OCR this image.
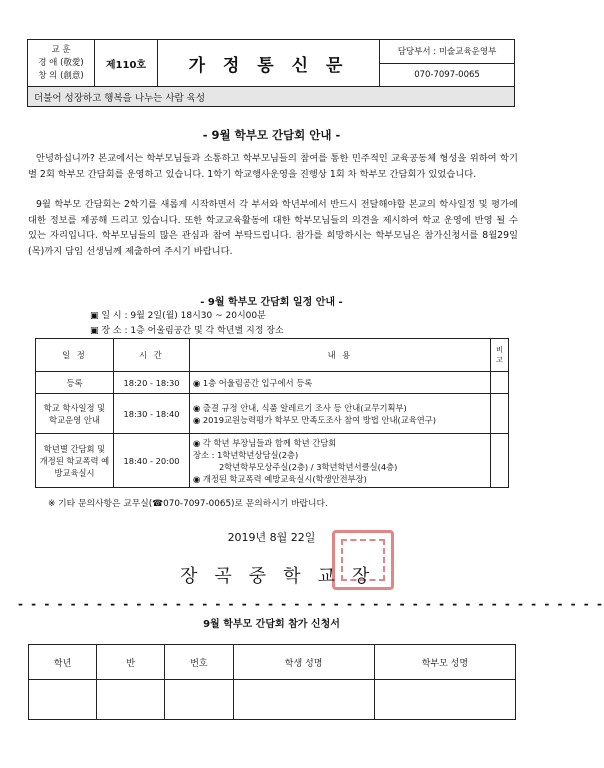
교 훈
경 애 (敬愛)
창 의 (創意)
제110호	가 정 통 신 문
담당부서 : 미술교육운영부
070-7097-0065
더불어 성장하고 행복을 나누는 사람 육성
- 9월 학부모 간담회 안내 -
안녕하십니까? 본교에서는 학부모님들과 소통하고 학부모님들의 참여를 통한 민주적인 교육공동체 형성을 위하여 학기별 2회 학부모 간담회를 운영하고 있습니다. 1학기 학교행사운영을 진행상 1회 차 학부모 간담회가 있었습니다.
9월 학부모 간담회는 2학기를 새롭게 시작하면서 각 부서와 학년부에서 반드시 전달해야할 본교의 학사일정 및 평가에 대한 정보를 제공해 드리고 있습니다. 또한 학교교육활동에 대한 학부모님들의 의견을 제시하여 학교 운영에 반영 될 수 있는 자리입니다. 학부모님들의 많은 관심과 참여 부탁드립니다. 참가를 희망하시는 학부모님은 참가신청서를 8월29일(목)까지 담임 선생님께 제출하여 주시기 바랍니다.
- 9월 학부모 간담회 일정 안내 -
▣ 일 시 : 9월 2일(월) 18시30 ~ 20시00분
▣ 장 소 : 1층 어울림공간 및 각 학년별 지정 장소
일 정	시 간	내 용	비고
등록	18:20 - 18:30	◉ 1층 어울림공간 입구에서 등록	

학교 학사일정 및 학교운영 안내	18:30 - 18:40	◉ 출결 규정 안내, 식품 알레르기 조사 등 안내(교무기획부)
◉ 2019교원능력평가 학부모 만족도조사 참여 방법 안내(교육연구)	

학년별 간담회 및 개정된 학교폭력 예방교육실시	18:40 - 20:00	◉ 각 학년 부장님들과 함께 학년 간담회
장소 : 1학년학년상담실(2층)
2학년학부모상주실(2층) / 3학년학년서클실(4층)
◉ 개정된 학교폭력 예방교육실시(학생안전부장)	

※ 기타 문의사항은 교무실(☎070-7097-0065)로 문의하시기 바랍니다.
2019년 8월 22일
장곡중학교장
- - - - - - - - - - - - - - - - - - - - - - - - - - - - - - - - - - - - - - - - - - - - -
9월 학부모 간담회 참가 신청서
학년	반	번호	학생 성명	학부모 성명
